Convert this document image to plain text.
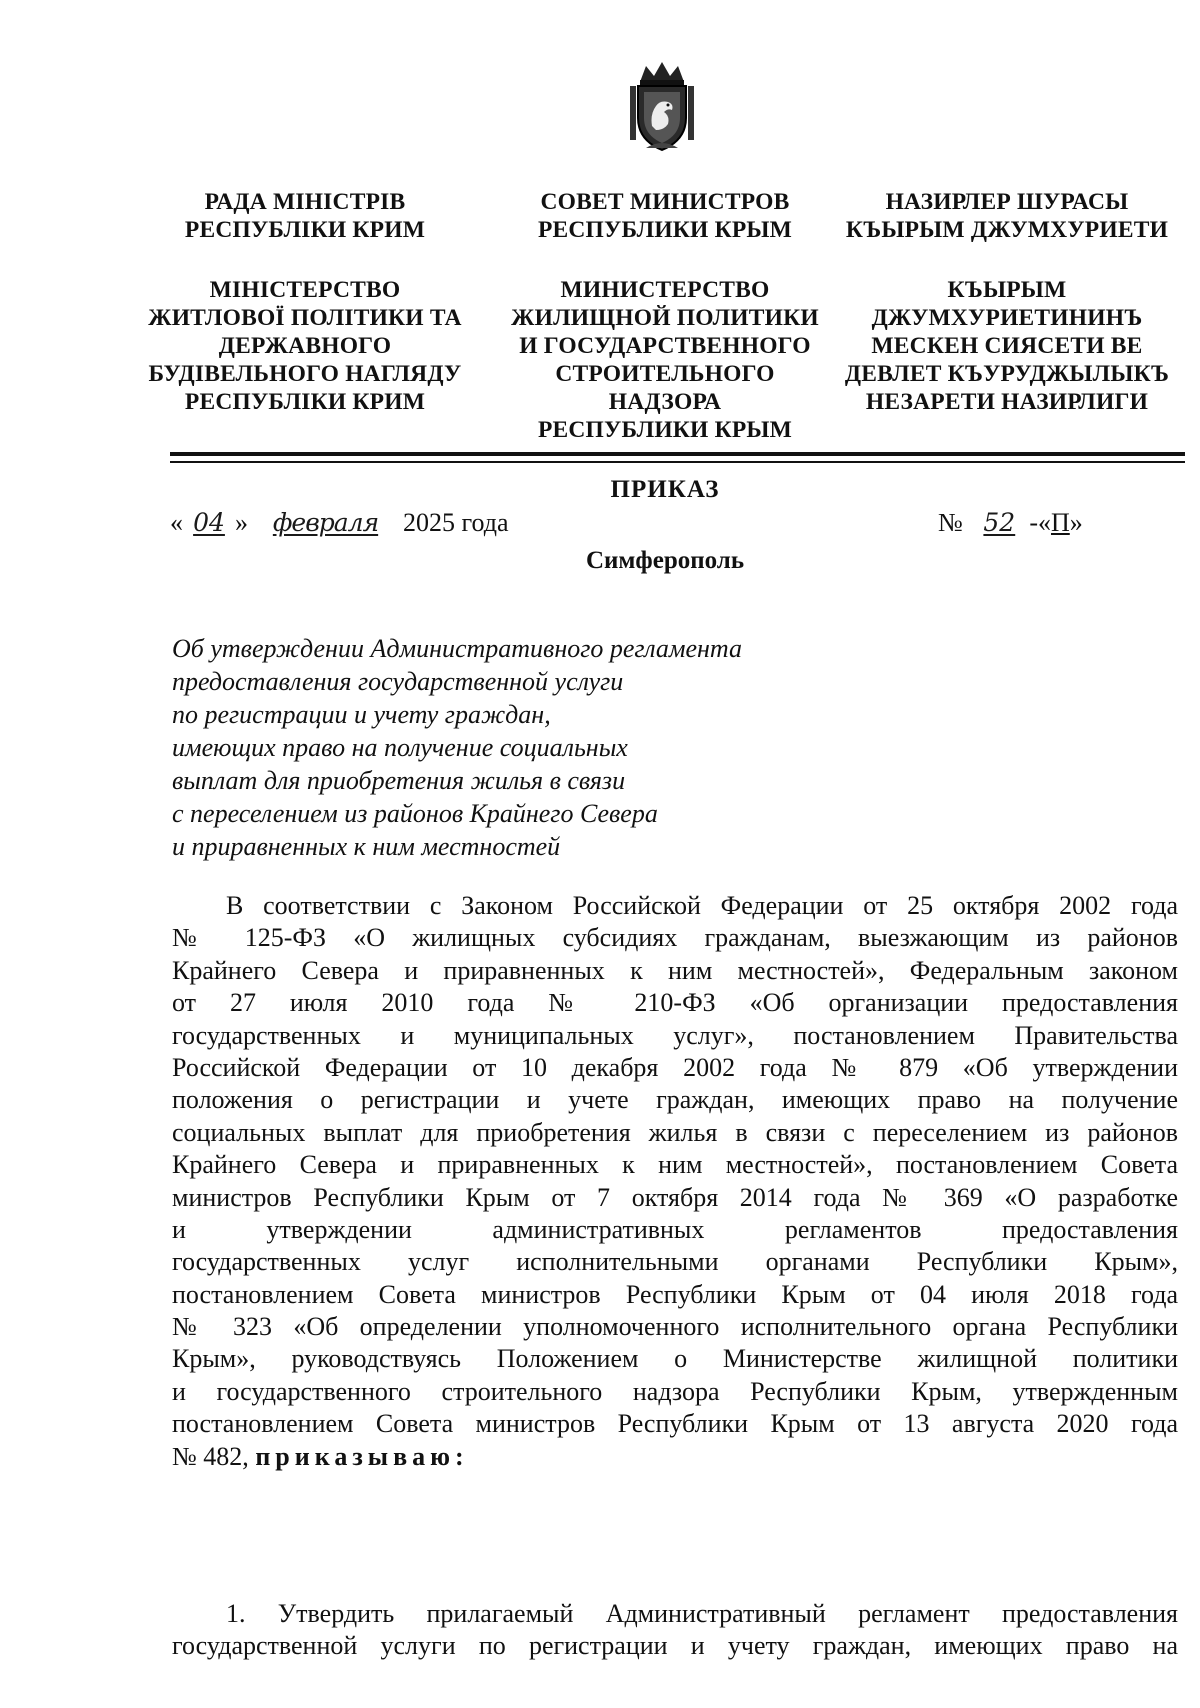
РАДА МІНІСТРІВ
РЕСПУБЛІКИ КРИМ
МІНІСТЕРСТВО
ЖИТЛОВОЇ ПОЛІТИКИ ТА
ДЕРЖАВНОГО
БУДІВЕЛЬНОГО НАГЛЯДУ
РЕСПУБЛІКИ КРИМ
СОВЕТ МИНИСТРОВ
РЕСПУБЛИКИ КРЫМ
МИНИСТЕРСТВО
ЖИЛИЩНОЙ ПОЛИТИКИ
И ГОСУДАРСТВЕННОГО
СТРОИТЕЛЬНОГО
НАДЗОРА
РЕСПУБЛИКИ КРЫМ
НАЗИРЛЕР ШУРАСЫ
КЪЫРЫМ ДЖУМХУРИЕТИ
КЪЫРЫМ
ДЖУМХУРИЕТИНИНЪ
МЕСКЕН СИЯСЕТИ ВЕ
ДЕВЛЕТ КЪУРУДЖЫЛЫКЪ
НЕЗАРЕТИ НАЗИРЛИГИ
ПРИКАЗ
Симферополь
« 04 » февраля 2025 года	№ 52 -«П»
Об утверждении Административного регламента
предоставления государственной услуги
по регистрации и учету граждан,
имеющих право на получение социальных
выплат для приобретения жилья в связи
с переселением из районов Крайнего Севера
и приравненных к ним местностей
В соответствии с Законом Российской Федерации от 25 октября 2002 года
№ 125-ФЗ «О жилищных субсидиях гражданам, выезжающим из районов
Крайнего Севера и приравненных к ним местностей», Федеральным законом
от 27 июля 2010 года № 210-ФЗ «Об организации предоставления
государственных и муниципальных услуг», постановлением Правительства
Российской Федерации от 10 декабря 2002 года № 879 «Об утверждении
положения о регистрации и учете граждан, имеющих право на получение
социальных выплат для приобретения жилья в связи с переселением из районов
Крайнего Севера и приравненных к ним местностей», постановлением Совета
министров Республики Крым от 7 октября 2014 года № 369 «О разработке
и утверждении административных регламентов предоставления
государственных услуг исполнительными органами Республики Крым»,
постановлением Совета министров Республики Крым от 04 июля 2018 года
№ 323 «Об определении уполномоченного исполнительного органа Республики
Крым», руководствуясь Положением о Министерстве жилищной политики
и государственного строительного надзора Республики Крым, утвержденным
постановлением Совета министров Республики Крым от 13 августа 2020 года
№ 482, приказываю:
1. Утвердить прилагаемый Административный регламент предоставления
государственной услуги по регистрации и учету граждан, имеющих право на
